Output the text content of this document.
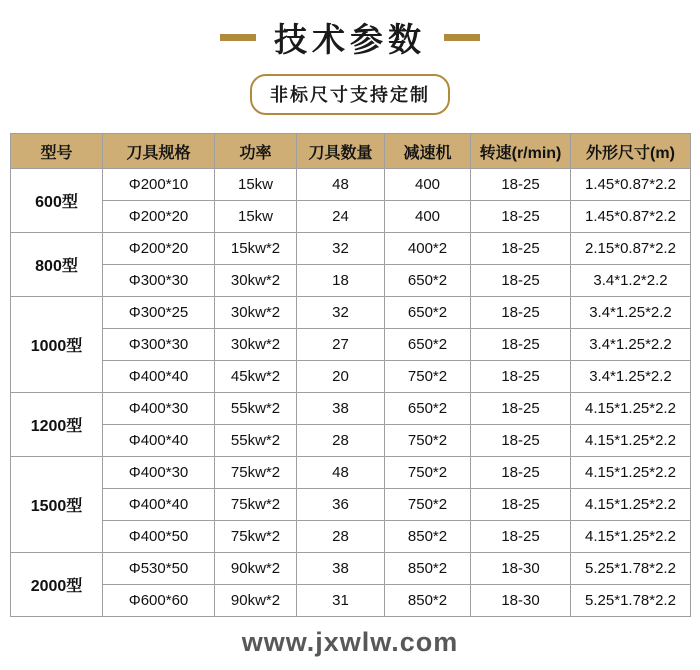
技术参数
非标尺寸支持定制
型号	刀具规格	功率	刀具数量	减速机	转速(r/min)	外形尺寸(m)
600型	Φ200*10	15kw	48	400	18-25	1.45*0.87*2.2
	Φ200*20	15kw	24	400	18-25	1.45*0.87*2.2
800型	Φ200*20	15kw*2	32	400*2	18-25	2.15*0.87*2.2
	Φ300*30	30kw*2	18	650*2	18-25	3.4*1.2*2.2
1000型	Φ300*25	30kw*2	32	650*2	18-25	3.4*1.25*2.2
	Φ300*30	30kw*2	27	650*2	18-25	3.4*1.25*2.2
	Φ400*40	45kw*2	20	750*2	18-25	3.4*1.25*2.2
1200型	Φ400*30	55kw*2	38	650*2	18-25	4.15*1.25*2.2
	Φ400*40	55kw*2	28	750*2	18-25	4.15*1.25*2.2
1500型	Φ400*30	75kw*2	48	750*2	18-25	4.15*1.25*2.2
	Φ400*40	75kw*2	36	750*2	18-25	4.15*1.25*2.2
	Φ400*50	75kw*2	28	850*2	18-25	4.15*1.25*2.2
2000型	Φ530*50	90kw*2	38	850*2	18-30	5.25*1.78*2.2
	Φ600*60	90kw*2	31	850*2	18-30	5.25*1.78*2.2
www.jxwlw.com
